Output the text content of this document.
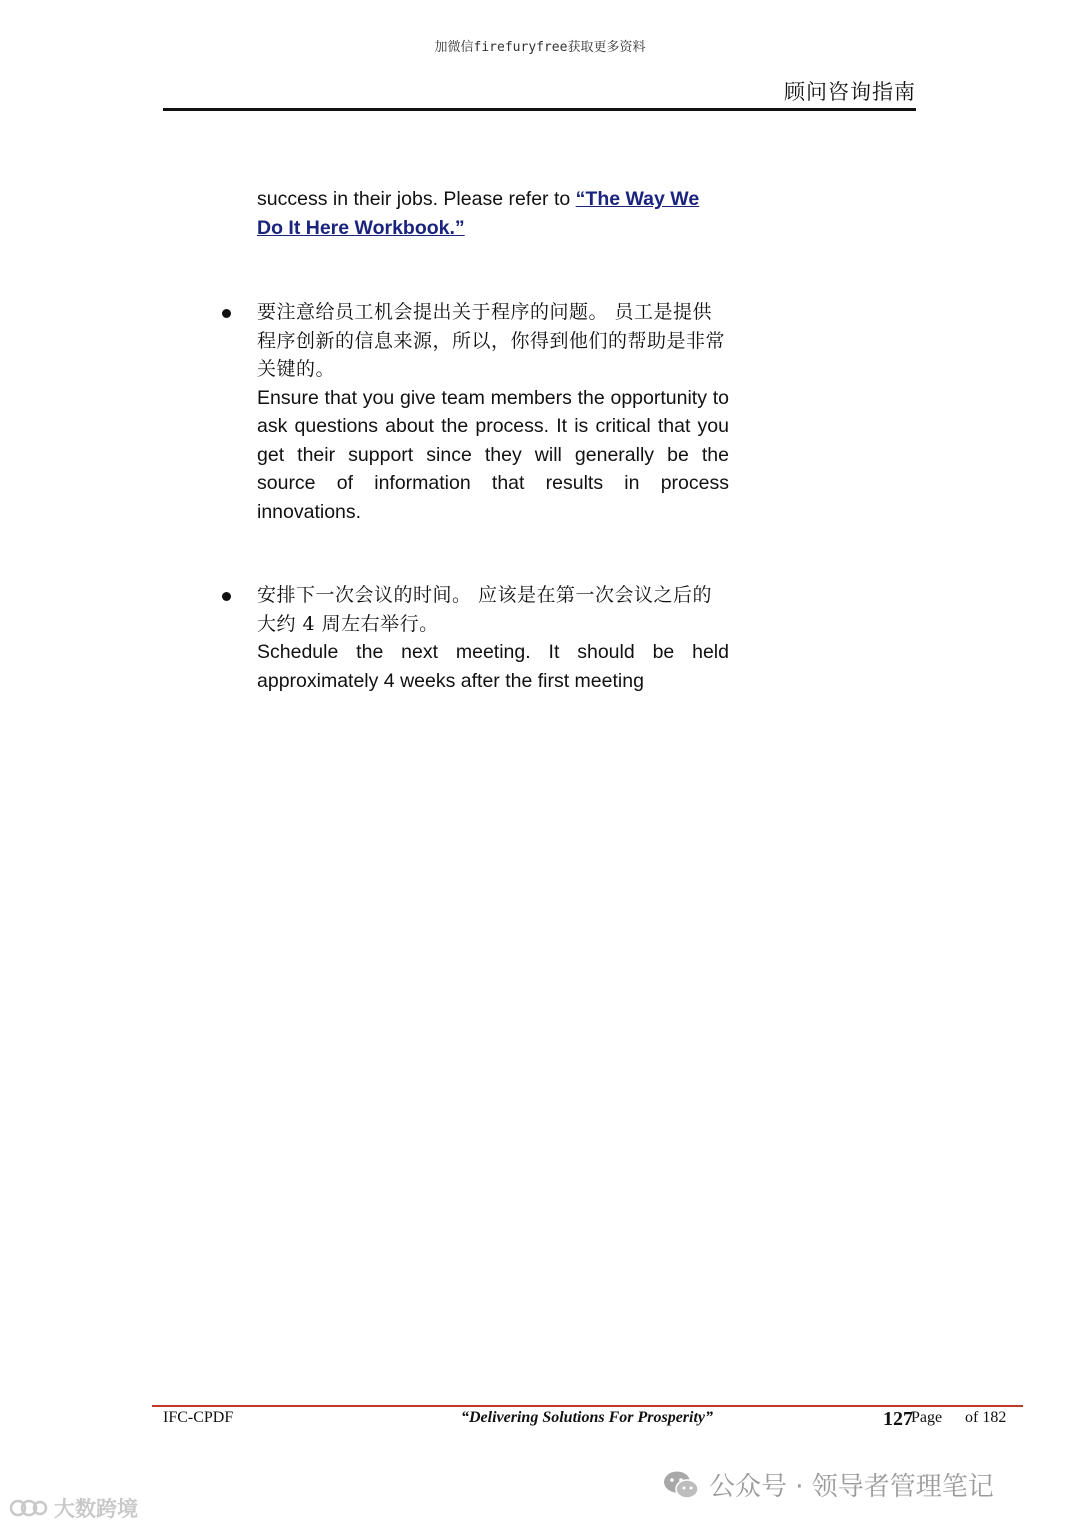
加微信firefuryfree获取更多资料
顾问咨询指南
success in their jobs. Please refer to “The Way We Do It Here Workbook.”
要注意给员工机会提出关于程序的问题。 员工是提供程序创新的信息来源，所以，你得到他们的帮助是非常关键的。
Ensure that you give team members the opportunity to ask questions about the process. It is critical that you get their support since they will generally be the source of information that results in process innovations.
安排下一次会议的时间。 应该是在第一次会议之后的大约 4 周左右举行。
Schedule the next meeting. It should be held approximately 4 weeks after the first meeting
IFC-CPDF	“Delivering Solutions For Prosperity”	127
Page of 182
公众号 · 领导者管理笔记
大数跨境
